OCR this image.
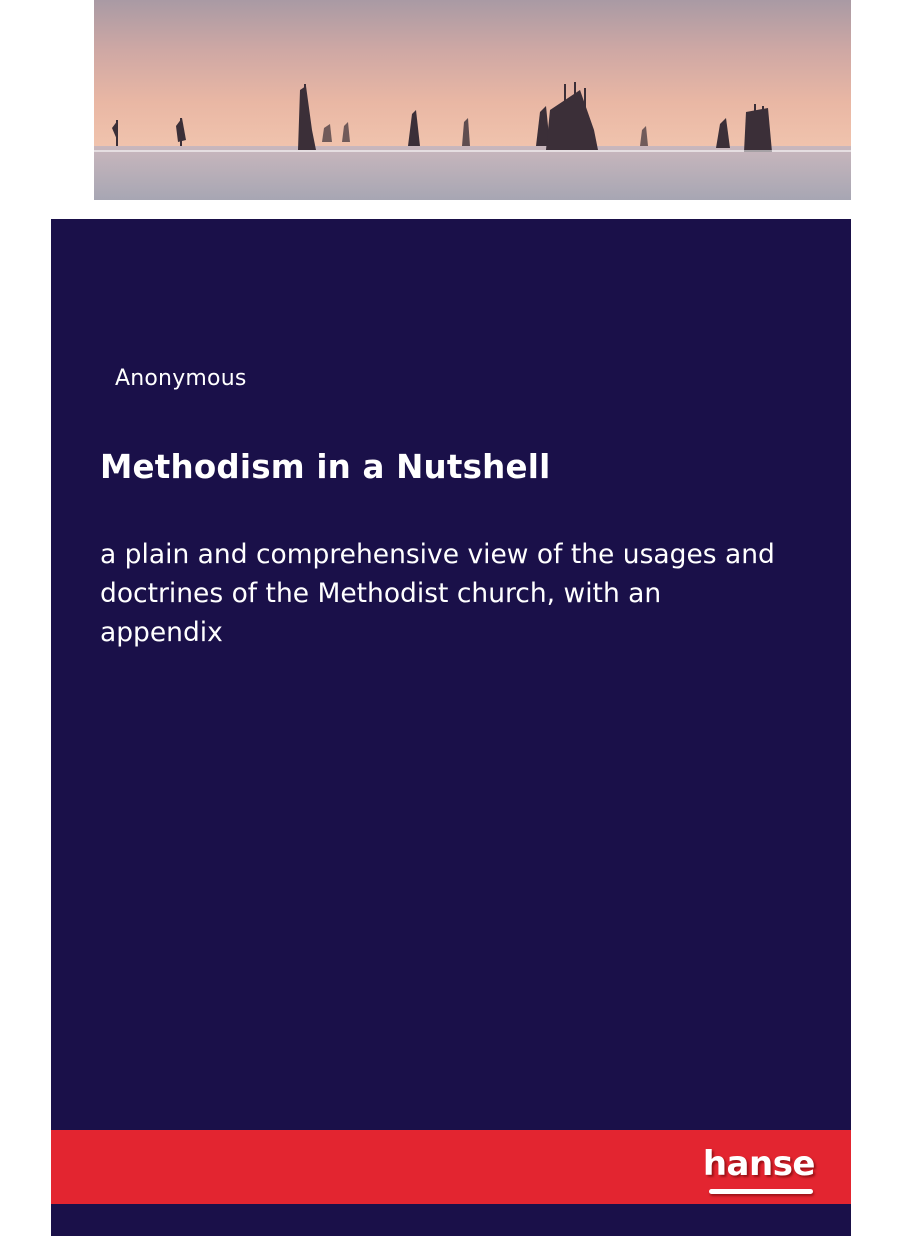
Anonymous
Methodism in a Nutshell
a plain and comprehensive view of the usages and doctrines of the Methodist church, with an appendix
hanse
